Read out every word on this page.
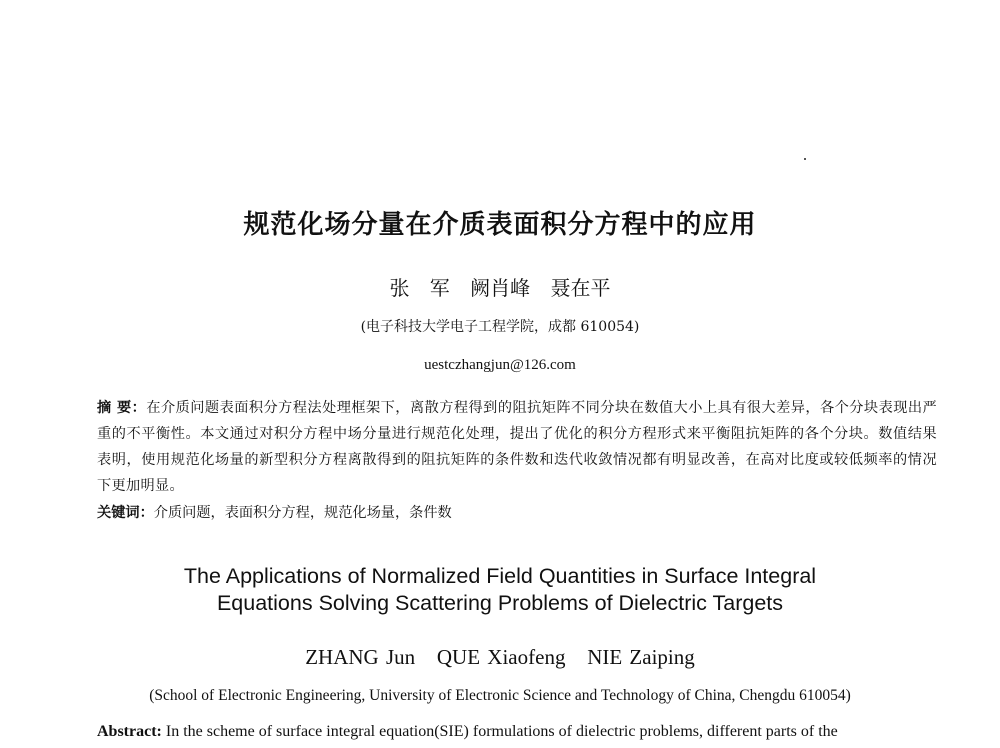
规范化场分量在介质表面积分方程中的应用
张 军 阙肖峰 聂在平
(电子科技大学电子工程学院，成都 610054)
uestczhangjun@126.com
摘 要：在介质问题表面积分方程法处理框架下，离散方程得到的阻抗矩阵不同分块在数值大小上具有很大差异，各个分块表现出严重的不平衡性。本文通过对积分方程中场分量进行规范化处理，提出了优化的积分方程形式来平衡阻抗矩阵的各个分块。数值结果表明，使用规范化场量的新型积分方程离散得到的阻抗矩阵的条件数和迭代收敛情况都有明显改善，在高对比度或较低频率的情况下更加明显。
关键词：介质问题，表面积分方程，规范化场量，条件数
The Applications of Normalized Field Quantities in Surface Integral
Equations Solving Scattering Problems of Dielectric Targets
ZHANG Jun   QUE Xiaofeng   NIE Zaiping
(School of Electronic Engineering, University of Electronic Science and Technology of China, Chengdu 610054)
Abstract: In the scheme of surface integral equation(SIE) formulations of dielectric problems, different parts of the
